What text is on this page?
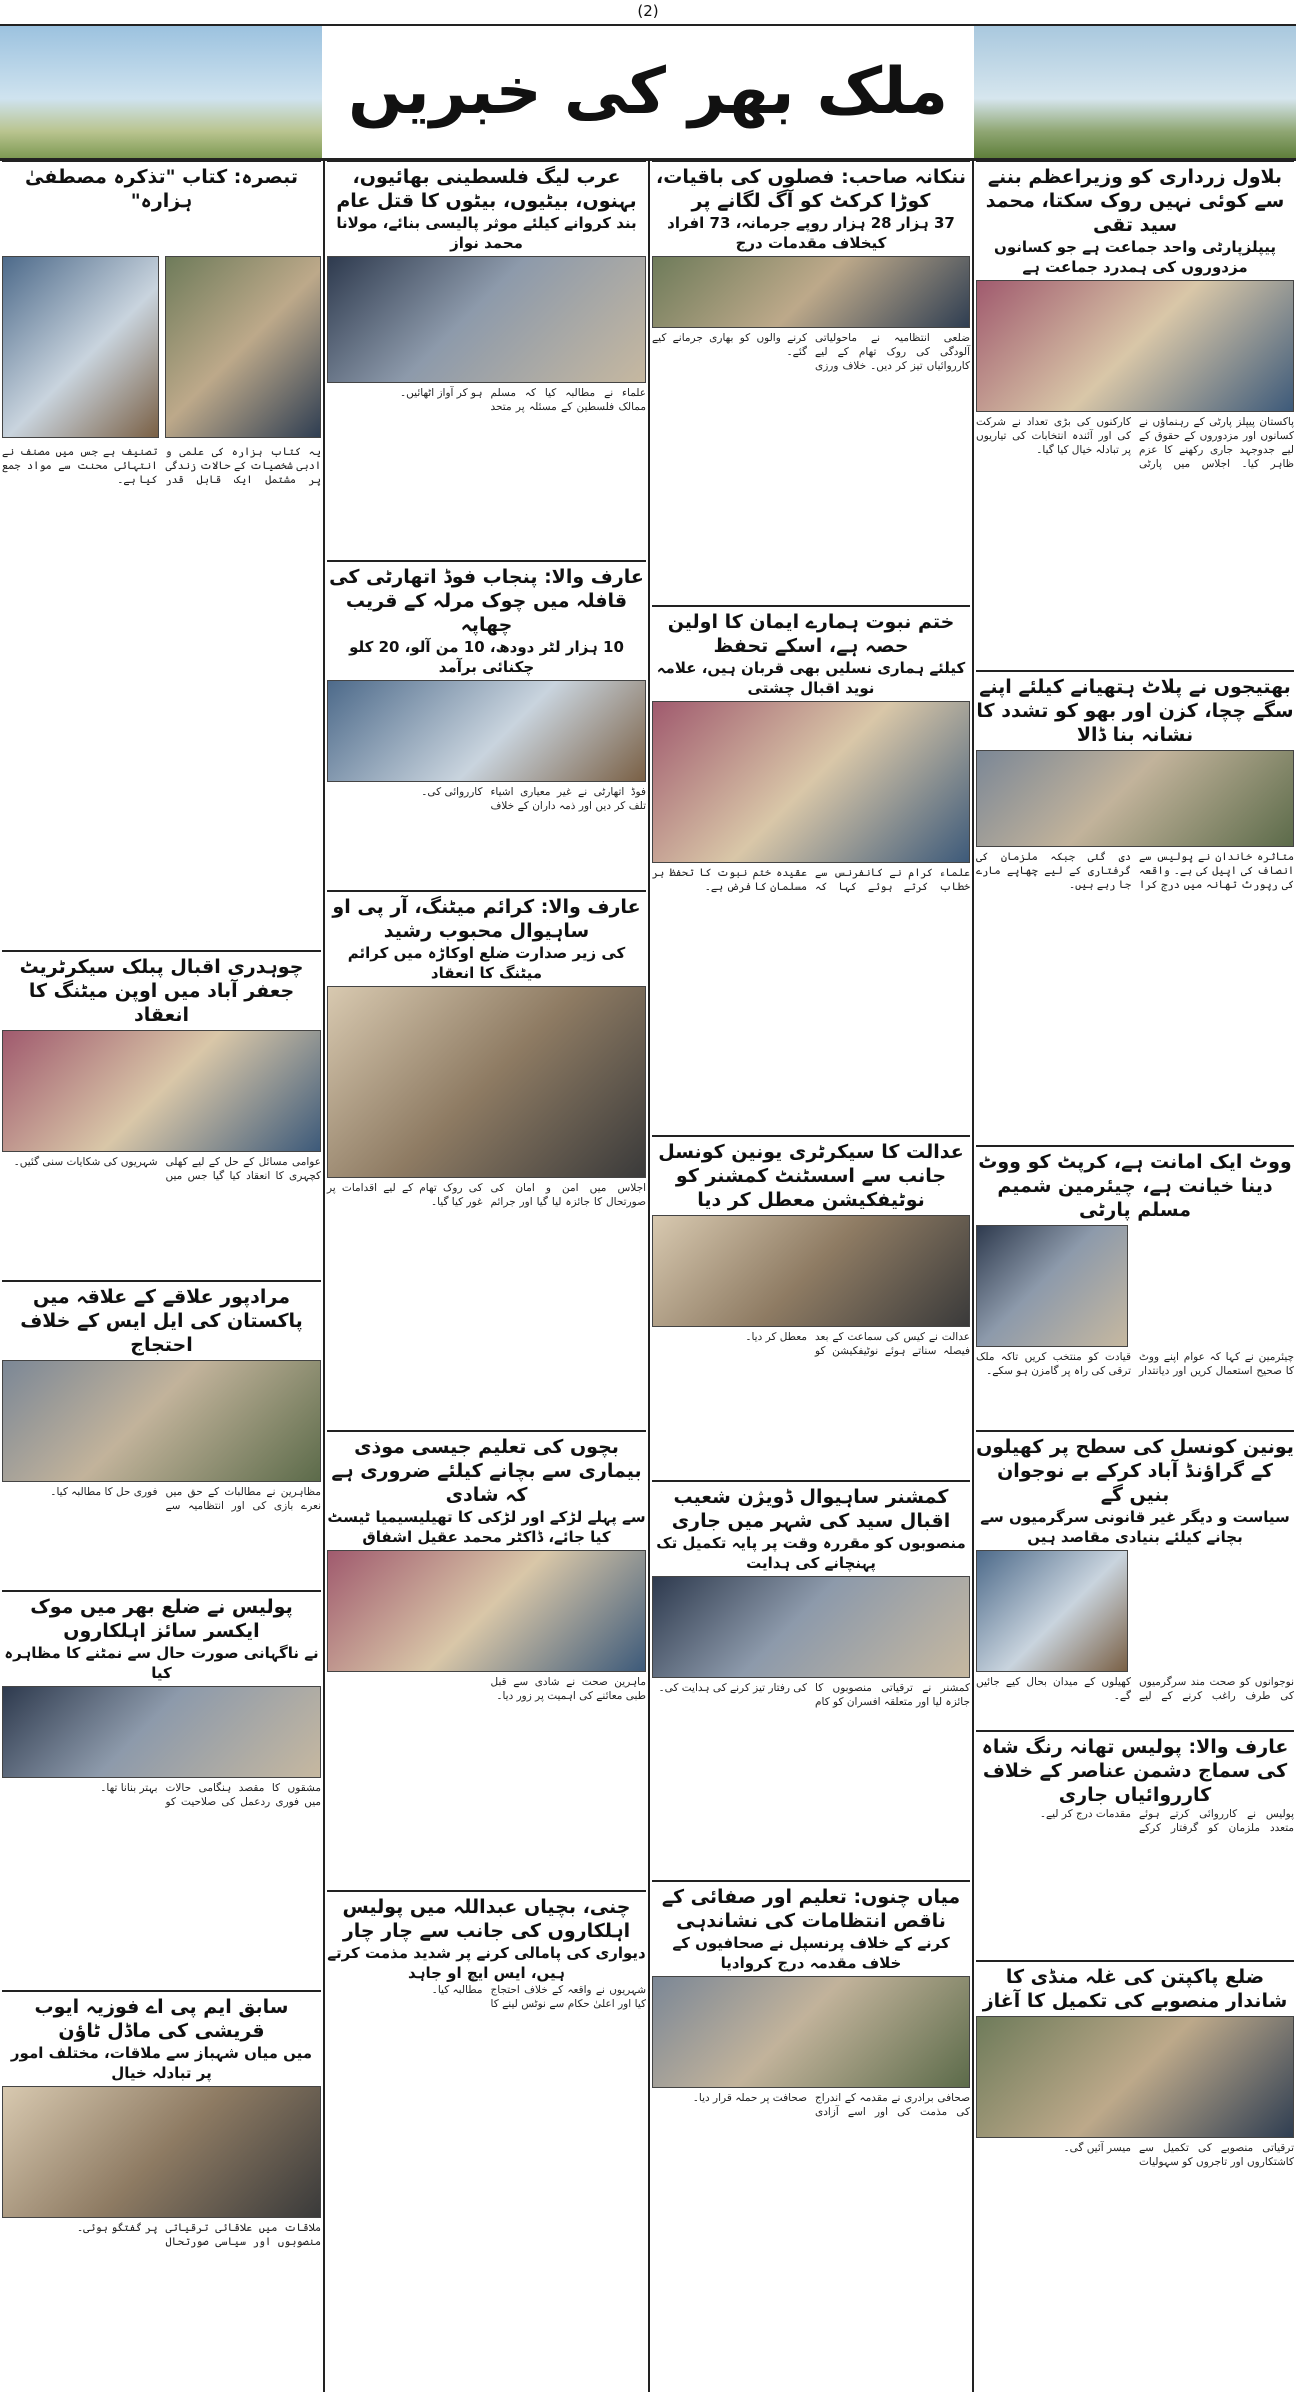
(2)
ملک بھر کی خبریں
بلاول زرداری کو وزیراعظم بننے سے کوئی نہیں روک سکتا، محمد سید تقی
پیپلزپارٹی واحد جماعت ہے جو کسانوں مزدوروں کی ہمدرد جماعت ہے
پاکستان پیپلز پارٹی کے رہنماؤں نے کسانوں اور مزدوروں کے حقوق کے لیے جدوجہد جاری رکھنے کا عزم ظاہر کیا۔ اجلاس میں پارٹی کارکنوں کی بڑی تعداد نے شرکت کی اور آئندہ انتخابات کی تیاریوں پر تبادلہ خیال کیا گیا۔
بھتیجوں نے پلاٹ ہتھیانے کیلئے اپنے سگے چچا، کزن اور بھو کو تشدد کا نشانہ بنا ڈالا
متاثرہ خاندان نے پولیس سے انصاف کی اپیل کی ہے۔ واقعہ کی رپورٹ تھانہ میں درج کرا دی گئی جبکہ ملزمان کی گرفتاری کے لیے چھاپے مارے جا رہے ہیں۔
ووٹ ایک امانت ہے، کرپٹ کو ووٹ دینا خیانت ہے، چیئرمین شمیم مسلم پارٹی
چیئرمین نے کہا کہ عوام اپنے ووٹ کا صحیح استعمال کریں اور دیانتدار قیادت کو منتخب کریں تاکہ ملک ترقی کی راہ پر گامزن ہو سکے۔
یونین کونسل کی سطح پر کھیلوں کے گراؤنڈ آباد کرکے بے نوجوان بنیں گے
سیاست و دیگر غیر قانونی سرگرمیوں سے بچانے کیلئے بنیادی مقاصد ہیں
نوجوانوں کو صحت مند سرگرمیوں کی طرف راغب کرنے کے لیے کھیلوں کے میدان بحال کیے جائیں گے۔
عارف والا: پولیس تھانہ رنگ شاہ کی سماج دشمن عناصر کے خلاف کارروائیاں جاری
پولیس نے کارروائی کرتے ہوئے متعدد ملزمان کو گرفتار کرکے مقدمات درج کر لیے۔
ضلع پاکپتن کی غلہ منڈی کا شاندار منصوبے کی تکمیل کا آغاز
ترقیاتی منصوبے کی تکمیل سے کاشتکاروں اور تاجروں کو سہولیات میسر آئیں گی۔
ننکانہ صاحب: فصلوں کی باقیات، کوڑا کرکٹ کو آگ لگانے پر
37 ہزار 28 ہزار روپے جرمانہ، 73 افراد کیخلاف مقدمات درج
ضلعی انتظامیہ نے ماحولیاتی آلودگی کی روک تھام کے لیے کارروائیاں تیز کر دیں۔ خلاف ورزی کرنے والوں کو بھاری جرمانے کیے گئے۔
ختم نبوت ہمارے ایمان کا اولین حصہ ہے، اسکے تحفظ
کیلئے ہماری نسلیں بھی قربان ہیں، علامہ نوید اقبال چشتی
علماء کرام نے کانفرنس سے خطاب کرتے ہوئے کہا کہ عقیدہ ختم نبوت کا تحفظ ہر مسلمان کا فرض ہے۔
عدالت کا سیکرٹری یونین کونسل جانب سے اسسٹنٹ کمشنر کو نوٹیفکیشن معطل کر دیا
عدالت نے کیس کی سماعت کے بعد فیصلہ سناتے ہوئے نوٹیفکیشن کو معطل کر دیا۔
کمشنر ساہیوال ڈویژن شعیب اقبال سید کی شہر میں جاری
منصوبوں کو مقررہ وقت پر پایہ تکمیل تک پہنچانے کی ہدایت
کمشنر نے ترقیاتی منصوبوں کا جائزہ لیا اور متعلقہ افسران کو کام کی رفتار تیز کرنے کی ہدایت کی۔
میاں چنوں: تعلیم اور صفائی کے ناقص انتظامات کی نشاندہی
کرنے کے خلاف پرنسپل نے صحافیوں کے خلاف مقدمہ درج کروادیا
صحافی برادری نے مقدمہ کے اندراج کی مذمت کی اور اسے آزادی صحافت پر حملہ قرار دیا۔
عرب لیگ فلسطینی بھائیوں، بہنوں، بیٹیوں، بیٹوں کا قتل عام
بند کروانے کیلئے موثر پالیسی بنائے، مولانا محمد نواز
علماء نے مطالبہ کیا کہ مسلم ممالک فلسطین کے مسئلہ پر متحد ہو کر آواز اٹھائیں۔
عارف والا: پنجاب فوڈ اتھارٹی کی قافلہ میں چوک مرلہ کے قریب چھاپہ
10 ہزار لٹر دودھ، 10 من آلو، 20 کلو چکنائی برآمد
فوڈ اتھارٹی نے غیر معیاری اشیاء تلف کر دیں اور ذمہ داران کے خلاف کارروائی کی۔
عارف والا: کرائم میٹنگ، آر پی او ساہیوال محبوب رشید
کی زیر صدارت ضلع اوکاڑہ میں کرائم میٹنگ کا انعقاد
اجلاس میں امن و امان کی صورتحال کا جائزہ لیا گیا اور جرائم کی روک تھام کے لیے اقدامات پر غور کیا گیا۔
بچوں کی تعلیم جیسی موذی بیماری سے بچانے کیلئے ضروری ہے کہ شادی
سے پہلے لڑکے اور لڑکی کا تھیلیسیمیا ٹیسٹ کیا جائے، ڈاکٹر محمد عقیل اشفاق
ماہرین صحت نے شادی سے قبل طبی معائنے کی اہمیت پر زور دیا۔
چنی، بچیاں عبداللہ میں پولیس اہلکاروں کی جانب سے چار چار
دیواری کی پامالی کرنے پر شدید مذمت کرتے ہیں، ایس ایچ او جاہد
شہریوں نے واقعہ کے خلاف احتجاج کیا اور اعلیٰ حکام سے نوٹس لینے کا مطالبہ کیا۔
تبصرہ: کتاب "تذکرہ مصطفیٰ ہزارہ"
یہ کتاب ہزارہ کی علمی و ادبی شخصیات کے حالات زندگی پر مشتمل ایک قابل قدر تصنیف ہے جس میں مصنف نے انتہائی محنت سے مواد جمع کیا ہے۔
چوہدری اقبال پبلک سیکرٹریٹ جعفر آباد میں اوپن میٹنگ کا انعقاد
عوامی مسائل کے حل کے لیے کھلی کچہری کا انعقاد کیا گیا جس میں شہریوں کی شکایات سنی گئیں۔
مرادپور علاقے کے علاقہ میں پاکستان کی ایل ایس کے خلاف احتجاج
مظاہرین نے مطالبات کے حق میں نعرے بازی کی اور انتظامیہ سے فوری حل کا مطالبہ کیا۔
پولیس نے ضلع بھر میں موک ایکسر سائز اہلکاروں
نے ناگہانی صورت حال سے نمٹنے کا مظاہرہ کیا
مشقوں کا مقصد ہنگامی حالات میں فوری ردعمل کی صلاحیت کو بہتر بنانا تھا۔
سابق ایم پی اے فوزیہ ایوب قریشی کی ماڈل ٹاؤن
میں میاں شہباز سے ملاقات، مختلف امور پر تبادلہ خیال
ملاقات میں علاقائی ترقیاتی منصوبوں اور سیاسی صورتحال پر گفتگو ہوئی۔
